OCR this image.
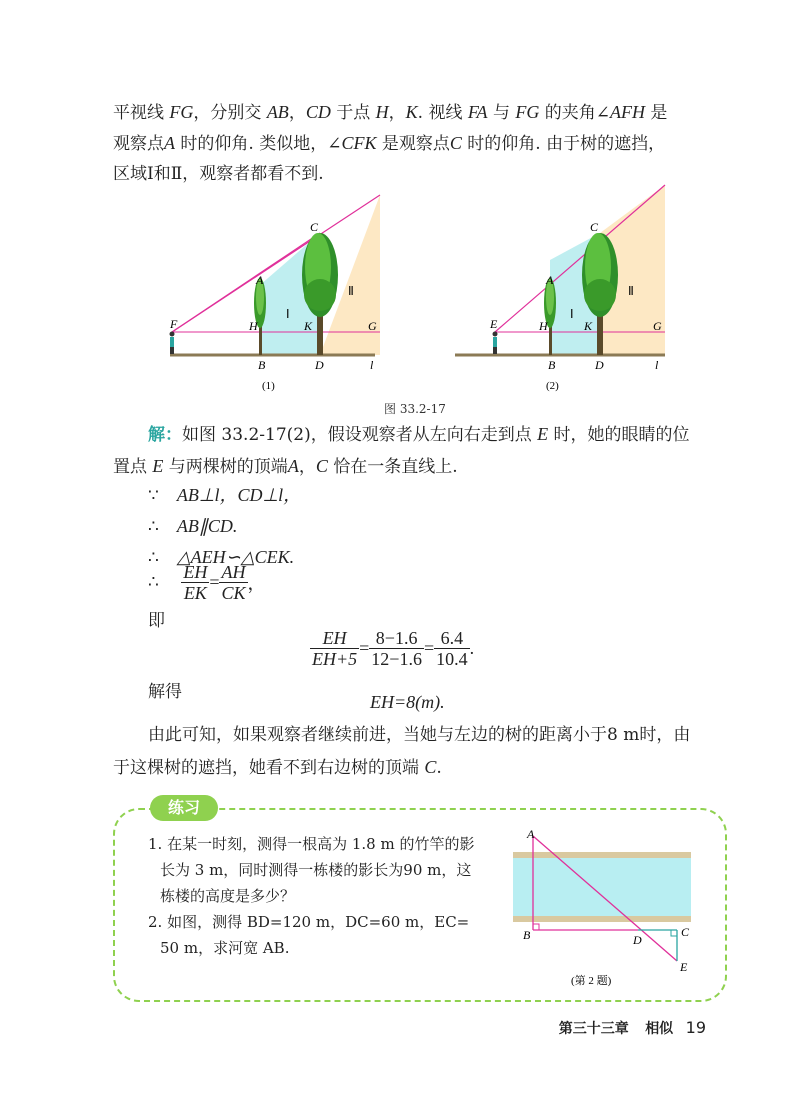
平视线 FG，分别交 AB，CD 于点 H，K. 视线 FA 与 FG 的夹角∠AFH 是
观察点A 时的仰角. 类似地，∠CFK 是观察点C 时的仰角. 由于树的遮挡，
区域Ⅰ和Ⅱ，观察者都看不到.
F
A
C
H	K	G
B	D	l
Ⅰ
Ⅱ
(1)
E
A
C
H	K	G
B	D	l
Ⅰ
Ⅱ
(2)
图 33.2-17
解：如图 33.2-17(2)，假设观察者从左向右走到点 E 时，她的眼睛的位
置点 E 与两棵树的顶端A，C 恰在一条直线上.
∵ AB⊥l，CD⊥l，
∴ AB∥CD.
∴ △AEH∽△CEK.
∴ $\frac{EH}{EK} = \frac{AH}{CK}$ ，
即
$\frac{EH}{EH+5} = \frac{8-1.6}{12-1.6} = \frac{6.4}{10.4}$ .
解得	EH=8(m).
由此可知，如果观察者继续前进，当她与左边的树的距离小于8 m时，由
于这棵树的遮挡，她看不到右边树的顶端 C.
练习
1. 在某一时刻，测得一根高为 1.8 m 的竹竿的影
长为 3 m，同时测得一栋楼的影长为90 m，这
栋楼的高度是多少？
2. 如图，测得 BD=120 m，DC=60 m，EC=
50 m，求河宽 AB.
A
B	D
C
E
(第 2 题)
第三十三章 相似 19
